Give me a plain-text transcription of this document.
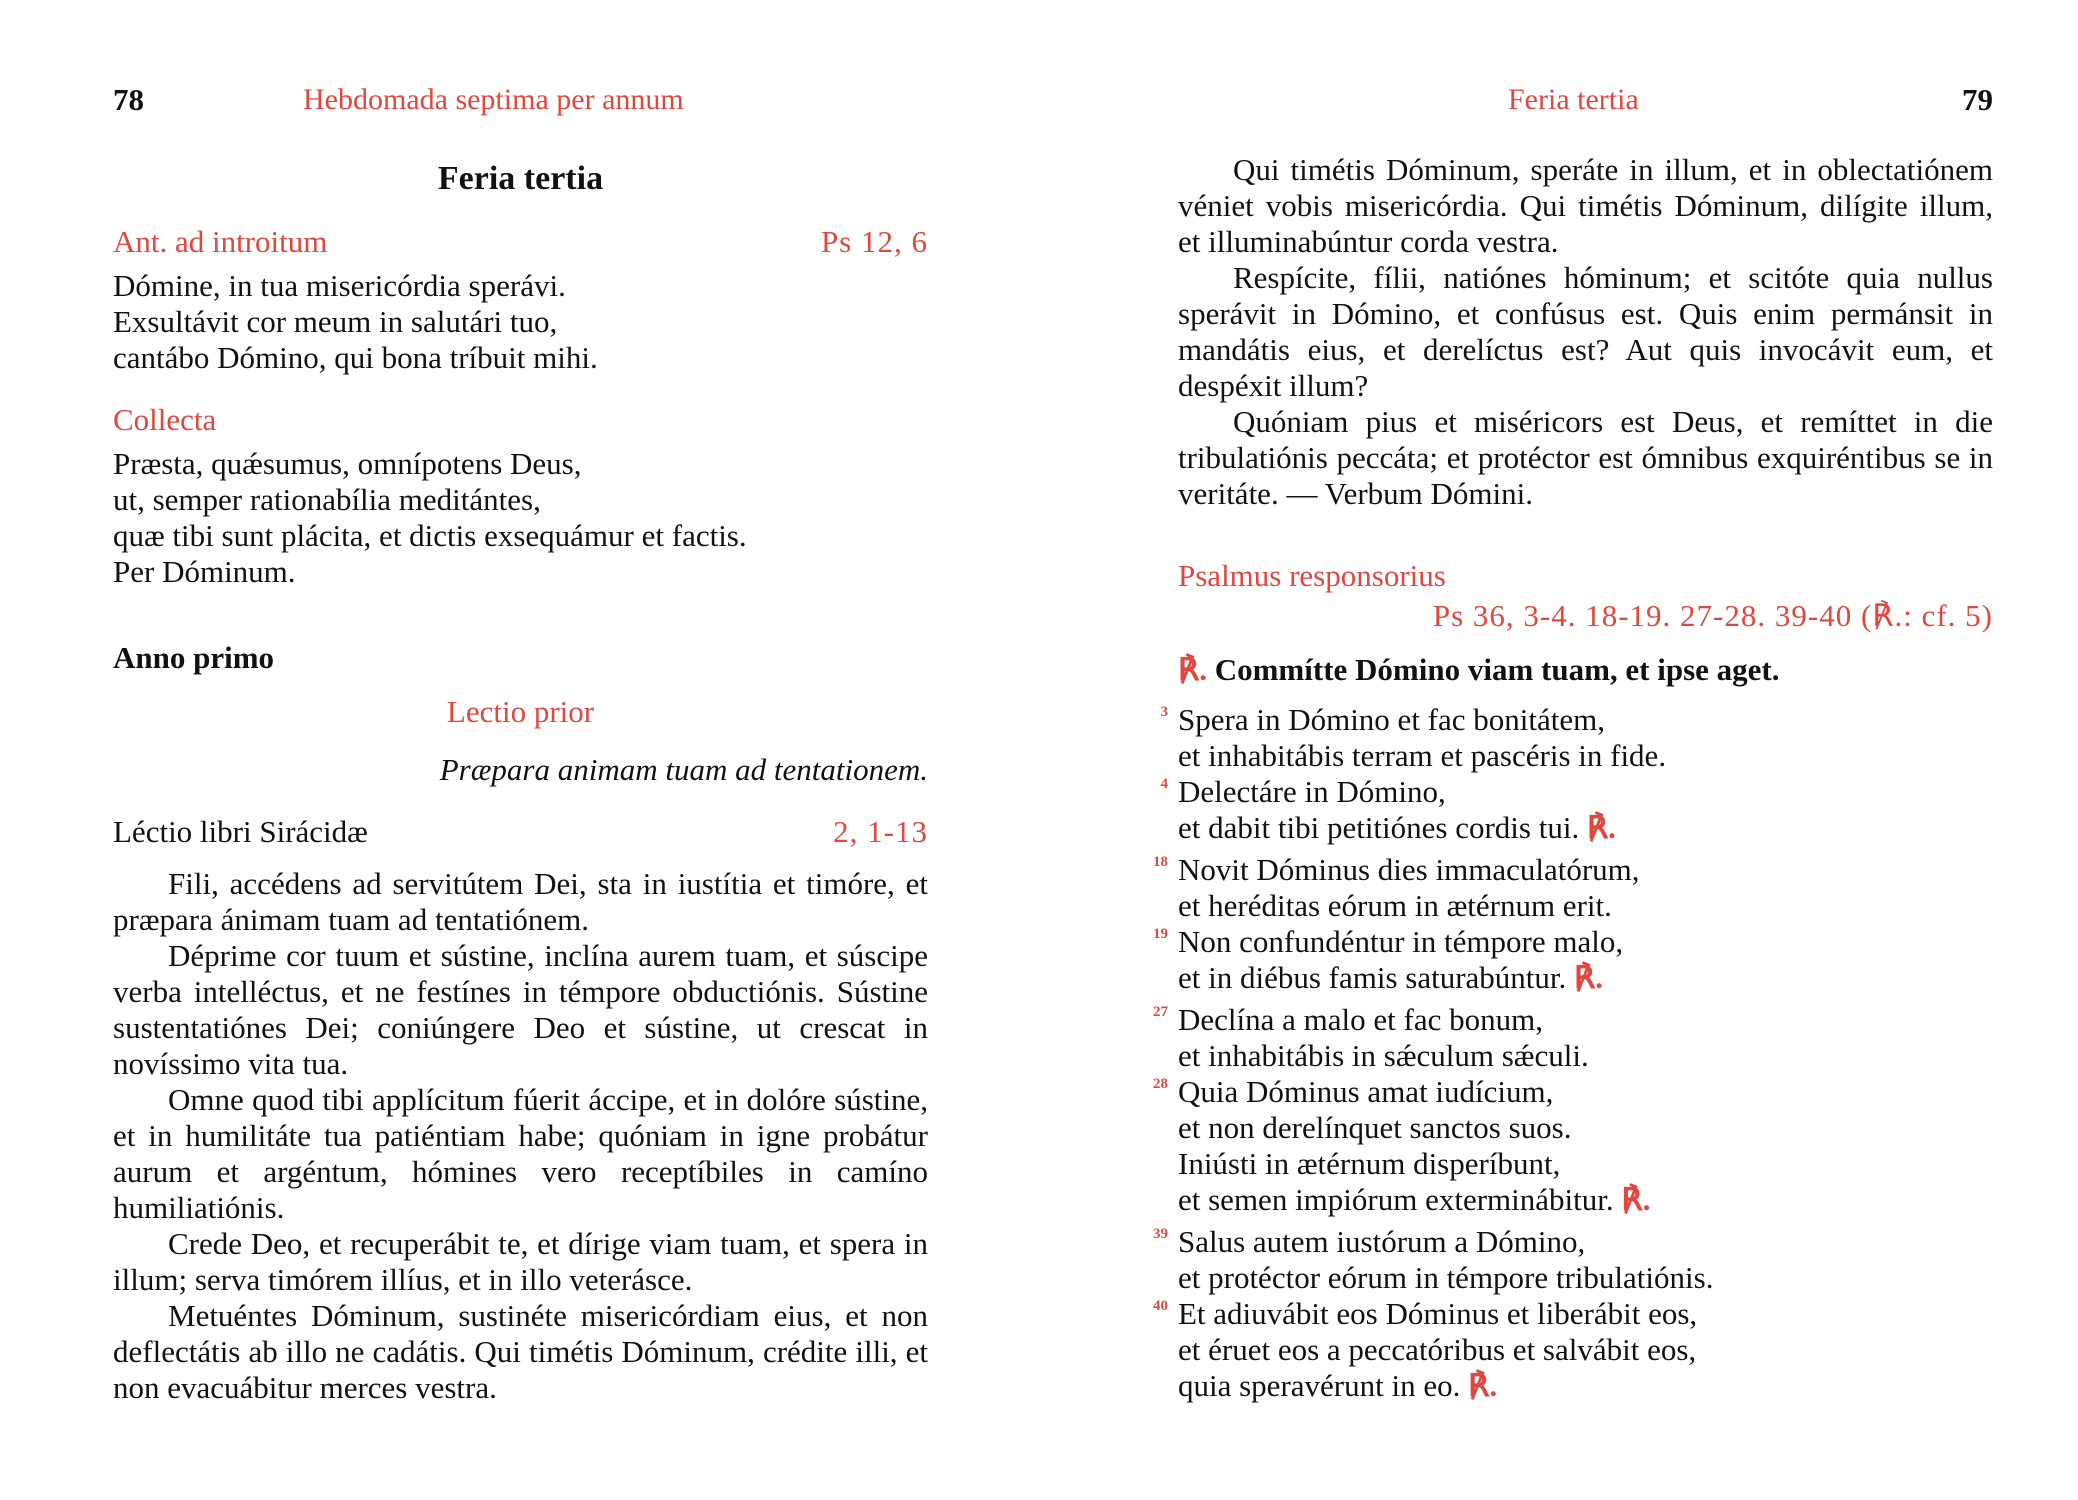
78	Hebdomada septima per annum
Feria tertia
Ant. ad introitum	Ps 12, 6
Dómine, in tua misericórdia sperávi.
Exsultávit cor meum in salutári tuo,
cantábo Dómino, qui bona tríbuit mihi.
Collecta
Præsta, quǽsumus, omnípotens Deus,
ut, semper rationabília meditántes,
quæ tibi sunt plácita, et dictis exsequámur et factis.
Per Dóminum.
Anno primo
Lectio prior
Præpara animam tuam ad tentationem.
Léctio libri Sirácidæ	2, 1-13

Fili, accédens ad servitútem Dei, sta in iustítia et timóre, et præpara ánimam tuam ad tentatiónem.

Déprime cor tuum et sústine, inclína aurem tuam, et súscipe verba intelléctus, et ne festínes in témpore obductiónis. Sústine sustentatiónes Dei; coniúngere Deo et sústine, ut crescat in novíssimo vita tua.

Omne quod tibi applícitum fúerit áccipe, et in dolóre sústine, et in humilitáte tua patiéntiam habe; quóniam in igne probátur aurum et argéntum, hómines vero receptíbiles in camíno humiliatiónis.

Crede Deo, et recuperábit te, et dírige viam tuam, et spera in illum; serva timórem illíus, et in illo veterásce.

Metuéntes Dóminum, sustinéte misericórdiam eius, et non deflectátis ab illo ne cadátis. Qui timétis Dóminum, crédite illi, et non evacuábitur merces vestra.

Feria tertia	79

Qui timétis Dóminum, speráte in illum, et in oblectatiónem véniet vobis misericórdia. Qui timétis Dóminum, dilígite illum, et illuminabúntur corda vestra.

Respícite, fílii, natiónes hóminum; et scitóte quia nullus sperávit in Dómino, et confúsus est. Quis enim permánsit in mandátis eius, et derelíctus est? Aut quis invocávit eum, et despéxit illum?

Quóniam pius et miséricors est Deus, et remíttet in die tribulatiónis peccáta; et protéctor est ómnibus exquiréntibus se in veritáte. — Verbum Dómini.

Psalmus responsorius
Ps 36, 3-4. 18-19. 27-28. 39-40 (℟.: cf. 5)
℟. Commítte Dómino viam tuam, et ipse aget.
3 Spera in Dómino et fac bonitátem,
et inhabitábis terram et pascéris in fide.
4 Delectáre in Dómino,
et dabit tibi petitiónes cordis tui. ℟.
18 Novit Dóminus dies immaculatórum,
et heréditas eórum in ætérnum erit.
19 Non confundéntur in témpore malo,
et in diébus famis saturabúntur. ℟.
27 Declína a malo et fac bonum,
et inhabitábis in sǽculum sǽculi.
28 Quia Dóminus amat iudícium,
et non derelínquet sanctos suos.
Iniústi in ætérnum disperíbunt,
et semen impiórum exterminábitur. ℟.
39 Salus autem iustórum a Dómino,
et protéctor eórum in témpore tribulatiónis.
40 Et adiuvábit eos Dóminus et liberábit eos,
et éruet eos a peccatóribus et salvábit eos,
quia speravérunt in eo. ℟.
